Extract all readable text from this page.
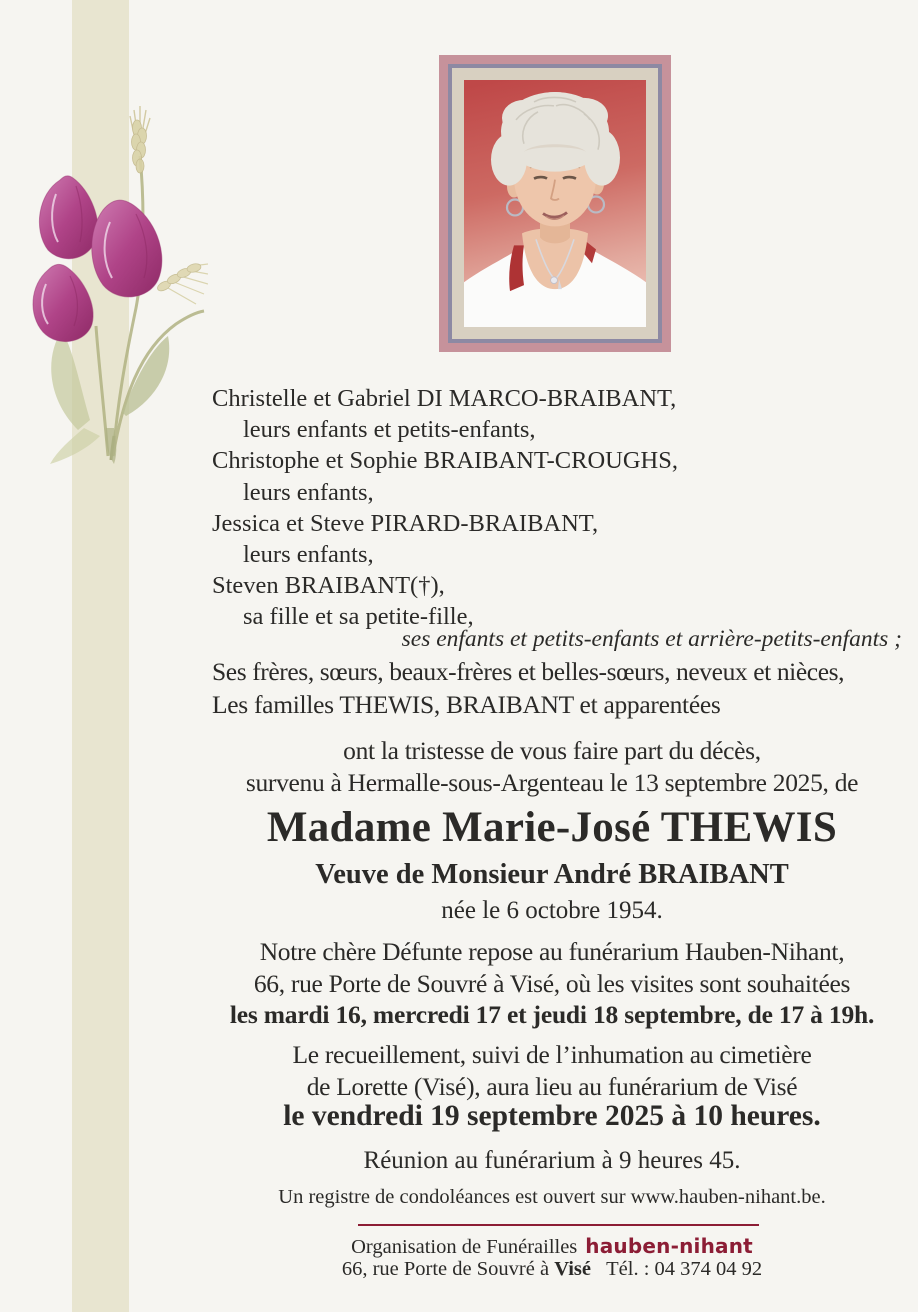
Christelle et Gabriel DI MARCO-BRAIBANT,
leurs enfants et petits-enfants,
Christophe et Sophie BRAIBANT-CROUGHS,
leurs enfants,
Jessica et Steve PIRARD-BRAIBANT,
leurs enfants,
Steven BRAIBANT(†),
sa fille et sa petite-fille,
ses enfants et petits-enfants et arrière-petits-enfants ;
Ses frères, sœurs, beaux-frères et belles-sœurs, neveux et nièces,
Les familles THEWIS, BRAIBANT et apparentées
ont la tristesse de vous faire part du décès,
survenu à Hermalle-sous-Argenteau le 13 septembre 2025, de
Madame Marie-José THEWIS
Veuve de Monsieur André BRAIBANT
née le 6 octobre 1954.
Notre chère Défunte repose au funérarium Hauben-Nihant,
66, rue Porte de Souvré à Visé, où les visites sont souhaitées
les mardi 16, mercredi 17 et jeudi 18 septembre, de 17 à 19h.
Le recueillement, suivi de l’inhumation au cimetière
de Lorette (Visé), aura lieu au funérarium de Visé
le vendredi 19 septembre 2025 à 10 heures.
Réunion au funérarium à 9 heures 45.
Un registre de condoléances est ouvert sur www.hauben-nihant.be.
Organisation de Funérailles hauben-nihant
66, rue Porte de Souvré à Visé Tél. : 04 374 04 92
